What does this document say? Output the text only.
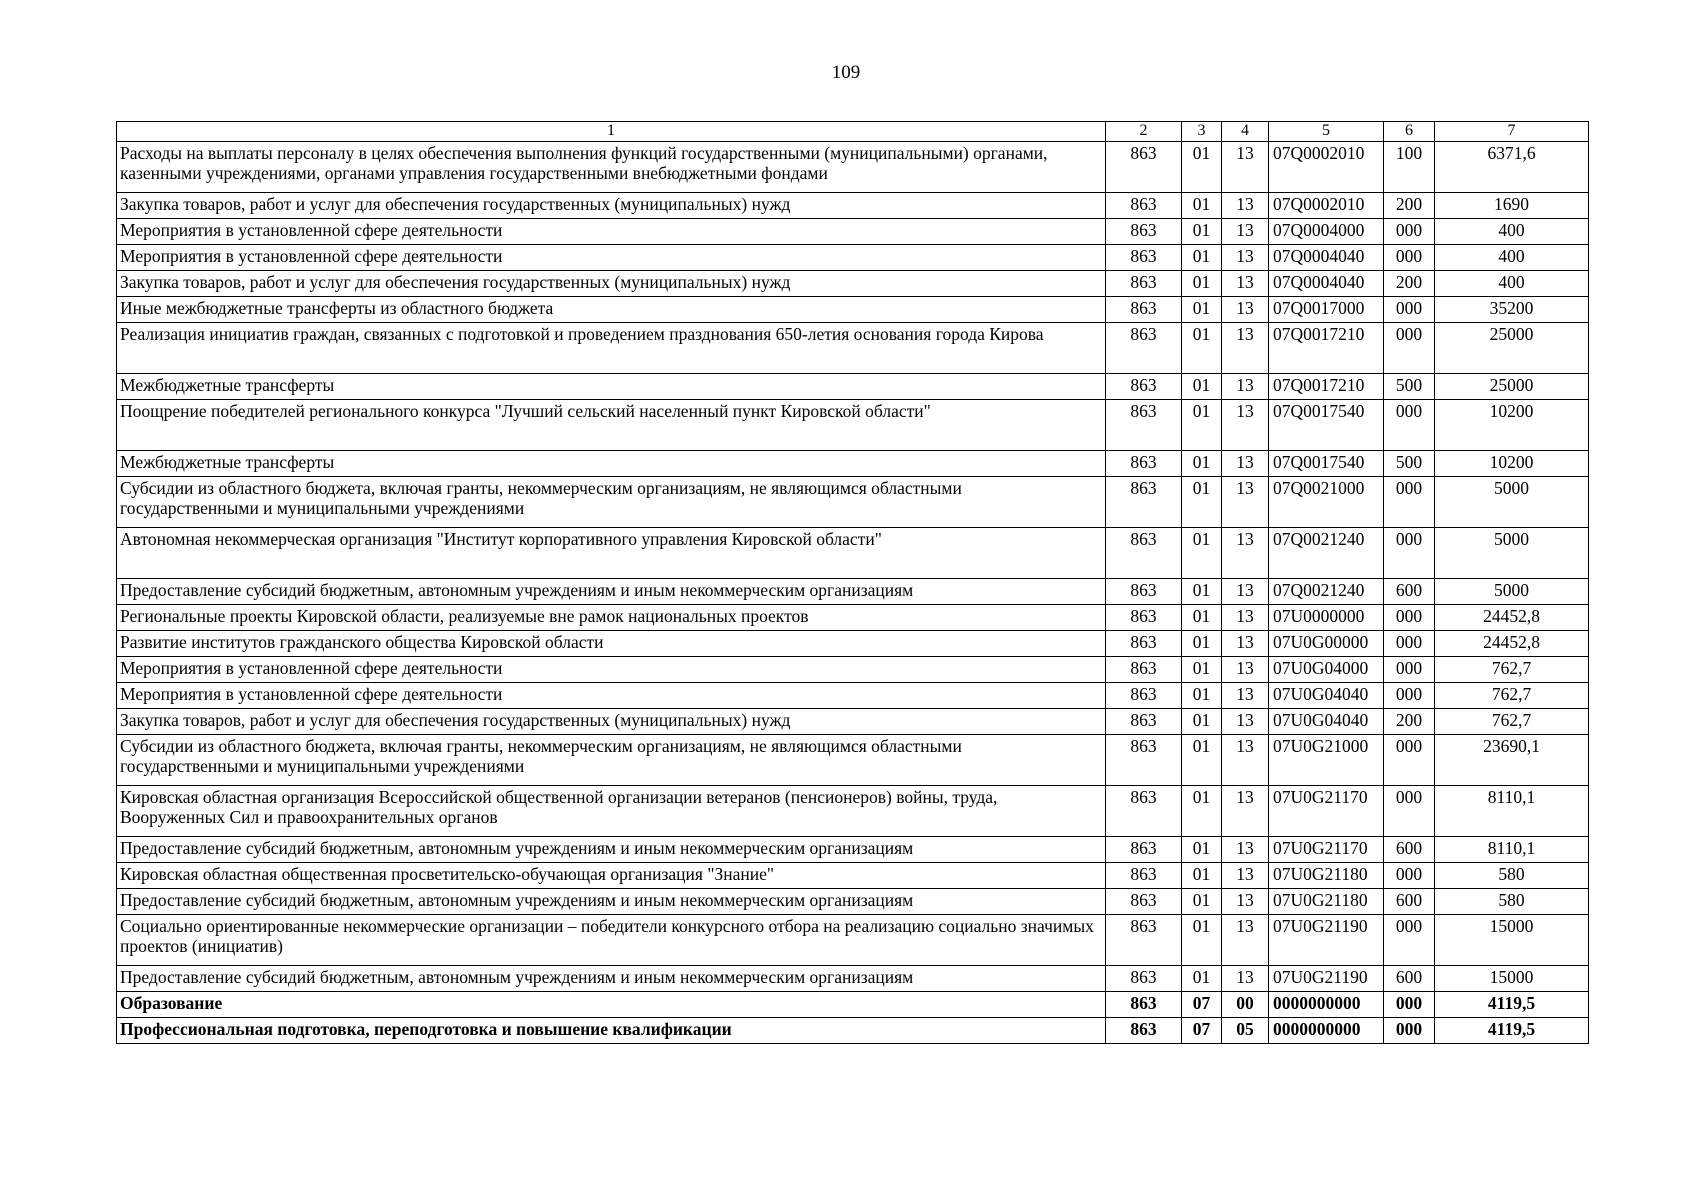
109
1	2	3	4	5	6	7
Расходы на выплаты персоналу в целях обеспечения выполнения функций государственными (муниципальными) органами, казенными учреждениями, органами управления государственными внебюджетными фондами	863	01	13	07Q0002010	100	6371,6
Закупка товаров, работ и услуг для обеспечения государственных (муниципальных) нужд	863	01	13	07Q0002010	200	1690
Мероприятия в установленной сфере деятельности	863	01	13	07Q0004000	000	400
Мероприятия в установленной сфере деятельности	863	01	13	07Q0004040	000	400
Закупка товаров, работ и услуг для обеспечения государственных (муниципальных) нужд	863	01	13	07Q0004040	200	400
Иные межбюджетные трансферты из областного бюджета	863	01	13	07Q0017000	000	35200
Реализация инициатив граждан, связанных с подготовкой и проведением празднования 650-летия основания города Кирова	863	01	13	07Q0017210	000	25000
Межбюджетные трансферты	863	01	13	07Q0017210	500	25000
Поощрение победителей регионального конкурса "Лучший сельский населенный пункт Кировской области"	863	01	13	07Q0017540	000	10200
Межбюджетные трансферты	863	01	13	07Q0017540	500	10200
Субсидии из областного бюджета, включая гранты, некоммерческим организациям, не являющимся областными государственными и муниципальными учреждениями	863	01	13	07Q0021000	000	5000
Автономная некоммерческая организация "Институт корпоративного управления Кировской области"	863	01	13	07Q0021240	000	5000
Предоставление субсидий бюджетным, автономным учреждениям и иным некоммерческим организациям	863	01	13	07Q0021240	600	5000
Региональные проекты Кировской области, реализуемые вне рамок национальных проектов	863	01	13	07U0000000	000	24452,8
Развитие институтов гражданского общества Кировской области	863	01	13	07U0G00000	000	24452,8
Мероприятия в установленной сфере деятельности	863	01	13	07U0G04000	000	762,7
Мероприятия в установленной сфере деятельности	863	01	13	07U0G04040	000	762,7
Закупка товаров, работ и услуг для обеспечения государственных (муниципальных) нужд	863	01	13	07U0G04040	200	762,7
Субсидии из областного бюджета, включая гранты, некоммерческим организациям, не являющимся областными государственными и муниципальными учреждениями	863	01	13	07U0G21000	000	23690,1
Кировская областная организация Всероссийской общественной организации ветеранов (пенсионеров) войны, труда, Вооруженных Сил и правоохранительных органов	863	01	13	07U0G21170	000	8110,1
Предоставление субсидий бюджетным, автономным учреждениям и иным некоммерческим организациям	863	01	13	07U0G21170	600	8110,1
Кировская областная общественная просветительско-обучающая организация "Знание"	863	01	13	07U0G21180	000	580
Предоставление субсидий бюджетным, автономным учреждениям и иным некоммерческим организациям	863	01	13	07U0G21180	600	580
Социально ориентированные некоммерческие организации – победители конкурсного отбора на реализацию социально значимых проектов (инициатив)	863	01	13	07U0G21190	000	15000
Предоставление субсидий бюджетным, автономным учреждениям и иным некоммерческим организациям	863	01	13	07U0G21190	600	15000
Образование	863	07	00	0000000000	000	4119,5
Профессиональная подготовка, переподготовка и повышение квалификации	863	07	05	0000000000	000	4119,5
